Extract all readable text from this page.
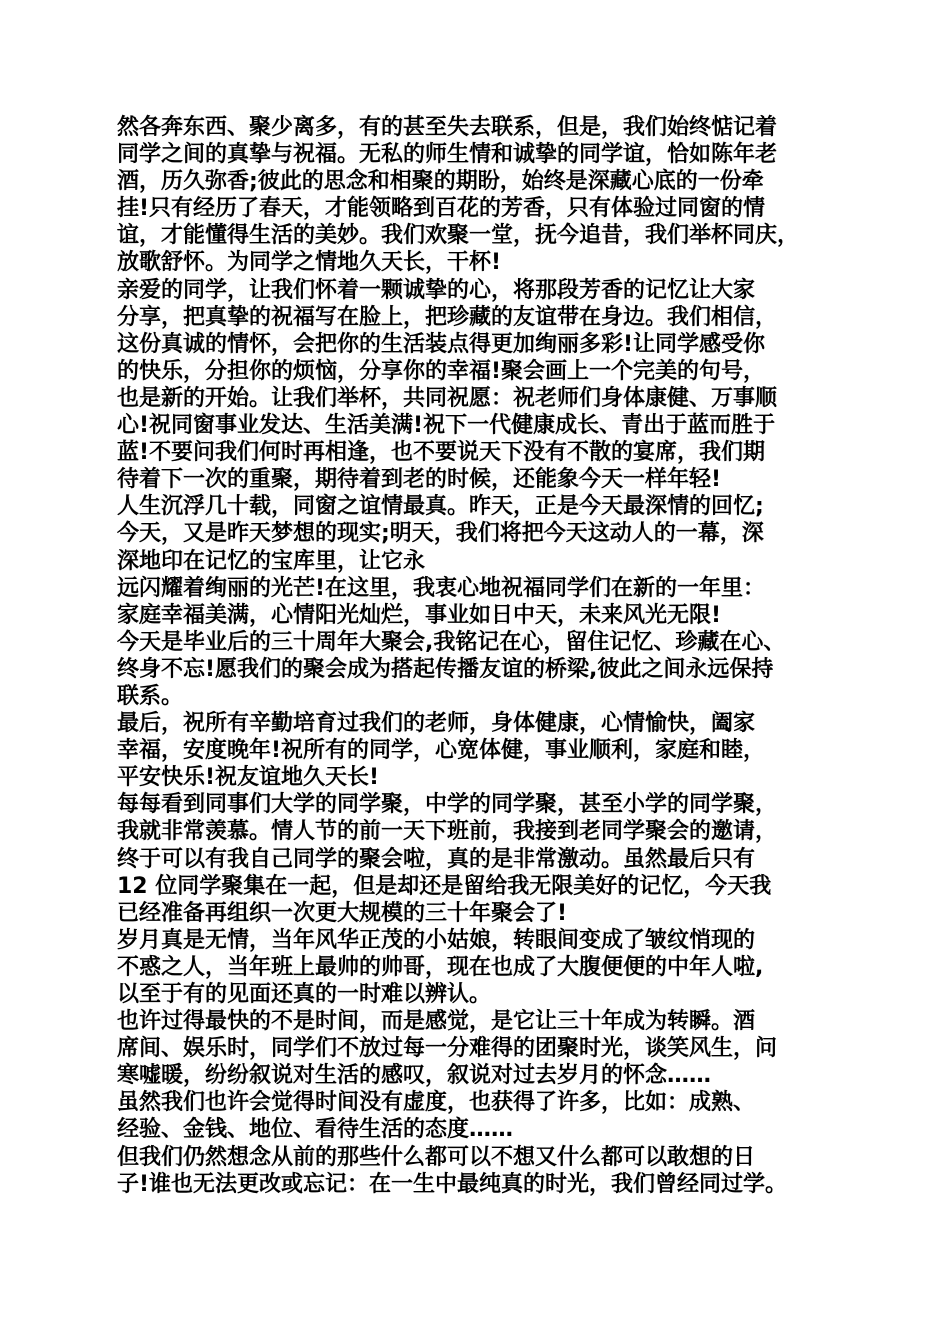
然各奔东西、聚少离多，有的甚至失去联系，但是，我们始终惦记着
同学之间的真挚与祝福。无私的师生情和诚挚的同学谊，恰如陈年老
酒，历久弥香;彼此的思念和相聚的期盼，始终是深藏心底的一份牵
挂!只有经历了春天，才能领略到百花的芳香，只有体验过同窗的情
谊，才能懂得生活的美妙。我们欢聚一堂，抚今追昔，我们举杯同庆，
放歌舒怀。为同学之情地久天长，干杯!
亲爱的同学，让我们怀着一颗诚挚的心，将那段芳香的记忆让大家
分享，把真挚的祝福写在脸上，把珍藏的友谊带在身边。我们相信，
这份真诚的情怀，会把你的生活装点得更加绚丽多彩!让同学感受你
的快乐，分担你的烦恼，分享你的幸福!聚会画上一个完美的句号，
也是新的开始。让我们举杯，共同祝愿：祝老师们身体康健、万事顺
心!祝同窗事业发达、生活美满!祝下一代健康成长、青出于蓝而胜于
蓝!不要问我们何时再相逢，也不要说天下没有不散的宴席，我们期
待着下一次的重聚，期待着到老的时候，还能象今天一样年轻!
人生沉浮几十载，同窗之谊情最真。昨天，正是今天最深情的回忆;
今天，又是昨天梦想的现实;明天，我们将把今天这动人的一幕，深
深地印在记忆的宝库里，让它永
远闪耀着绚丽的光芒!在这里，我衷心地祝福同学们在新的一年里：
家庭幸福美满，心情阳光灿烂，事业如日中天，未来风光无限!
今天是毕业后的三十周年大聚会,我铭记在心，留住记忆、珍藏在心、
终身不忘!愿我们的聚会成为搭起传播友谊的桥梁,彼此之间永远保持
联系。
最后，祝所有辛勤培育过我们的老师，身体健康，心情愉快，阖家
幸福，安度晚年!祝所有的同学，心宽体健，事业顺利，家庭和睦，
平安快乐!祝友谊地久天长!
每每看到同事们大学的同学聚，中学的同学聚，甚至小学的同学聚，
我就非常羡慕。情人节的前一天下班前，我接到老同学聚会的邀请，
终于可以有我自己同学的聚会啦，真的是非常激动。虽然最后只有
12 位同学聚集在一起，但是却还是留给我无限美好的记忆，今天我
已经准备再组织一次更大规模的三十年聚会了!
岁月真是无情，当年风华正茂的小姑娘，转眼间变成了皱纹悄现的
不惑之人，当年班上最帅的帅哥，现在也成了大腹便便的中年人啦,
以至于有的见面还真的一时难以辨认。
也许过得最快的不是时间，而是感觉，是它让三十年成为转瞬。酒
席间、娱乐时，同学们不放过每一分难得的团聚时光，谈笑风生，问
寒嘘暖，纷纷叙说对生活的感叹，叙说对过去岁月的怀念……
虽然我们也许会觉得时间没有虚度，也获得了许多，比如：成熟、
经验、金钱、地位、看待生活的态度……
但我们仍然想念从前的那些什么都可以不想又什么都可以敢想的日
子!谁也无法更改或忘记：在一生中最纯真的时光，我们曾经同过学。
